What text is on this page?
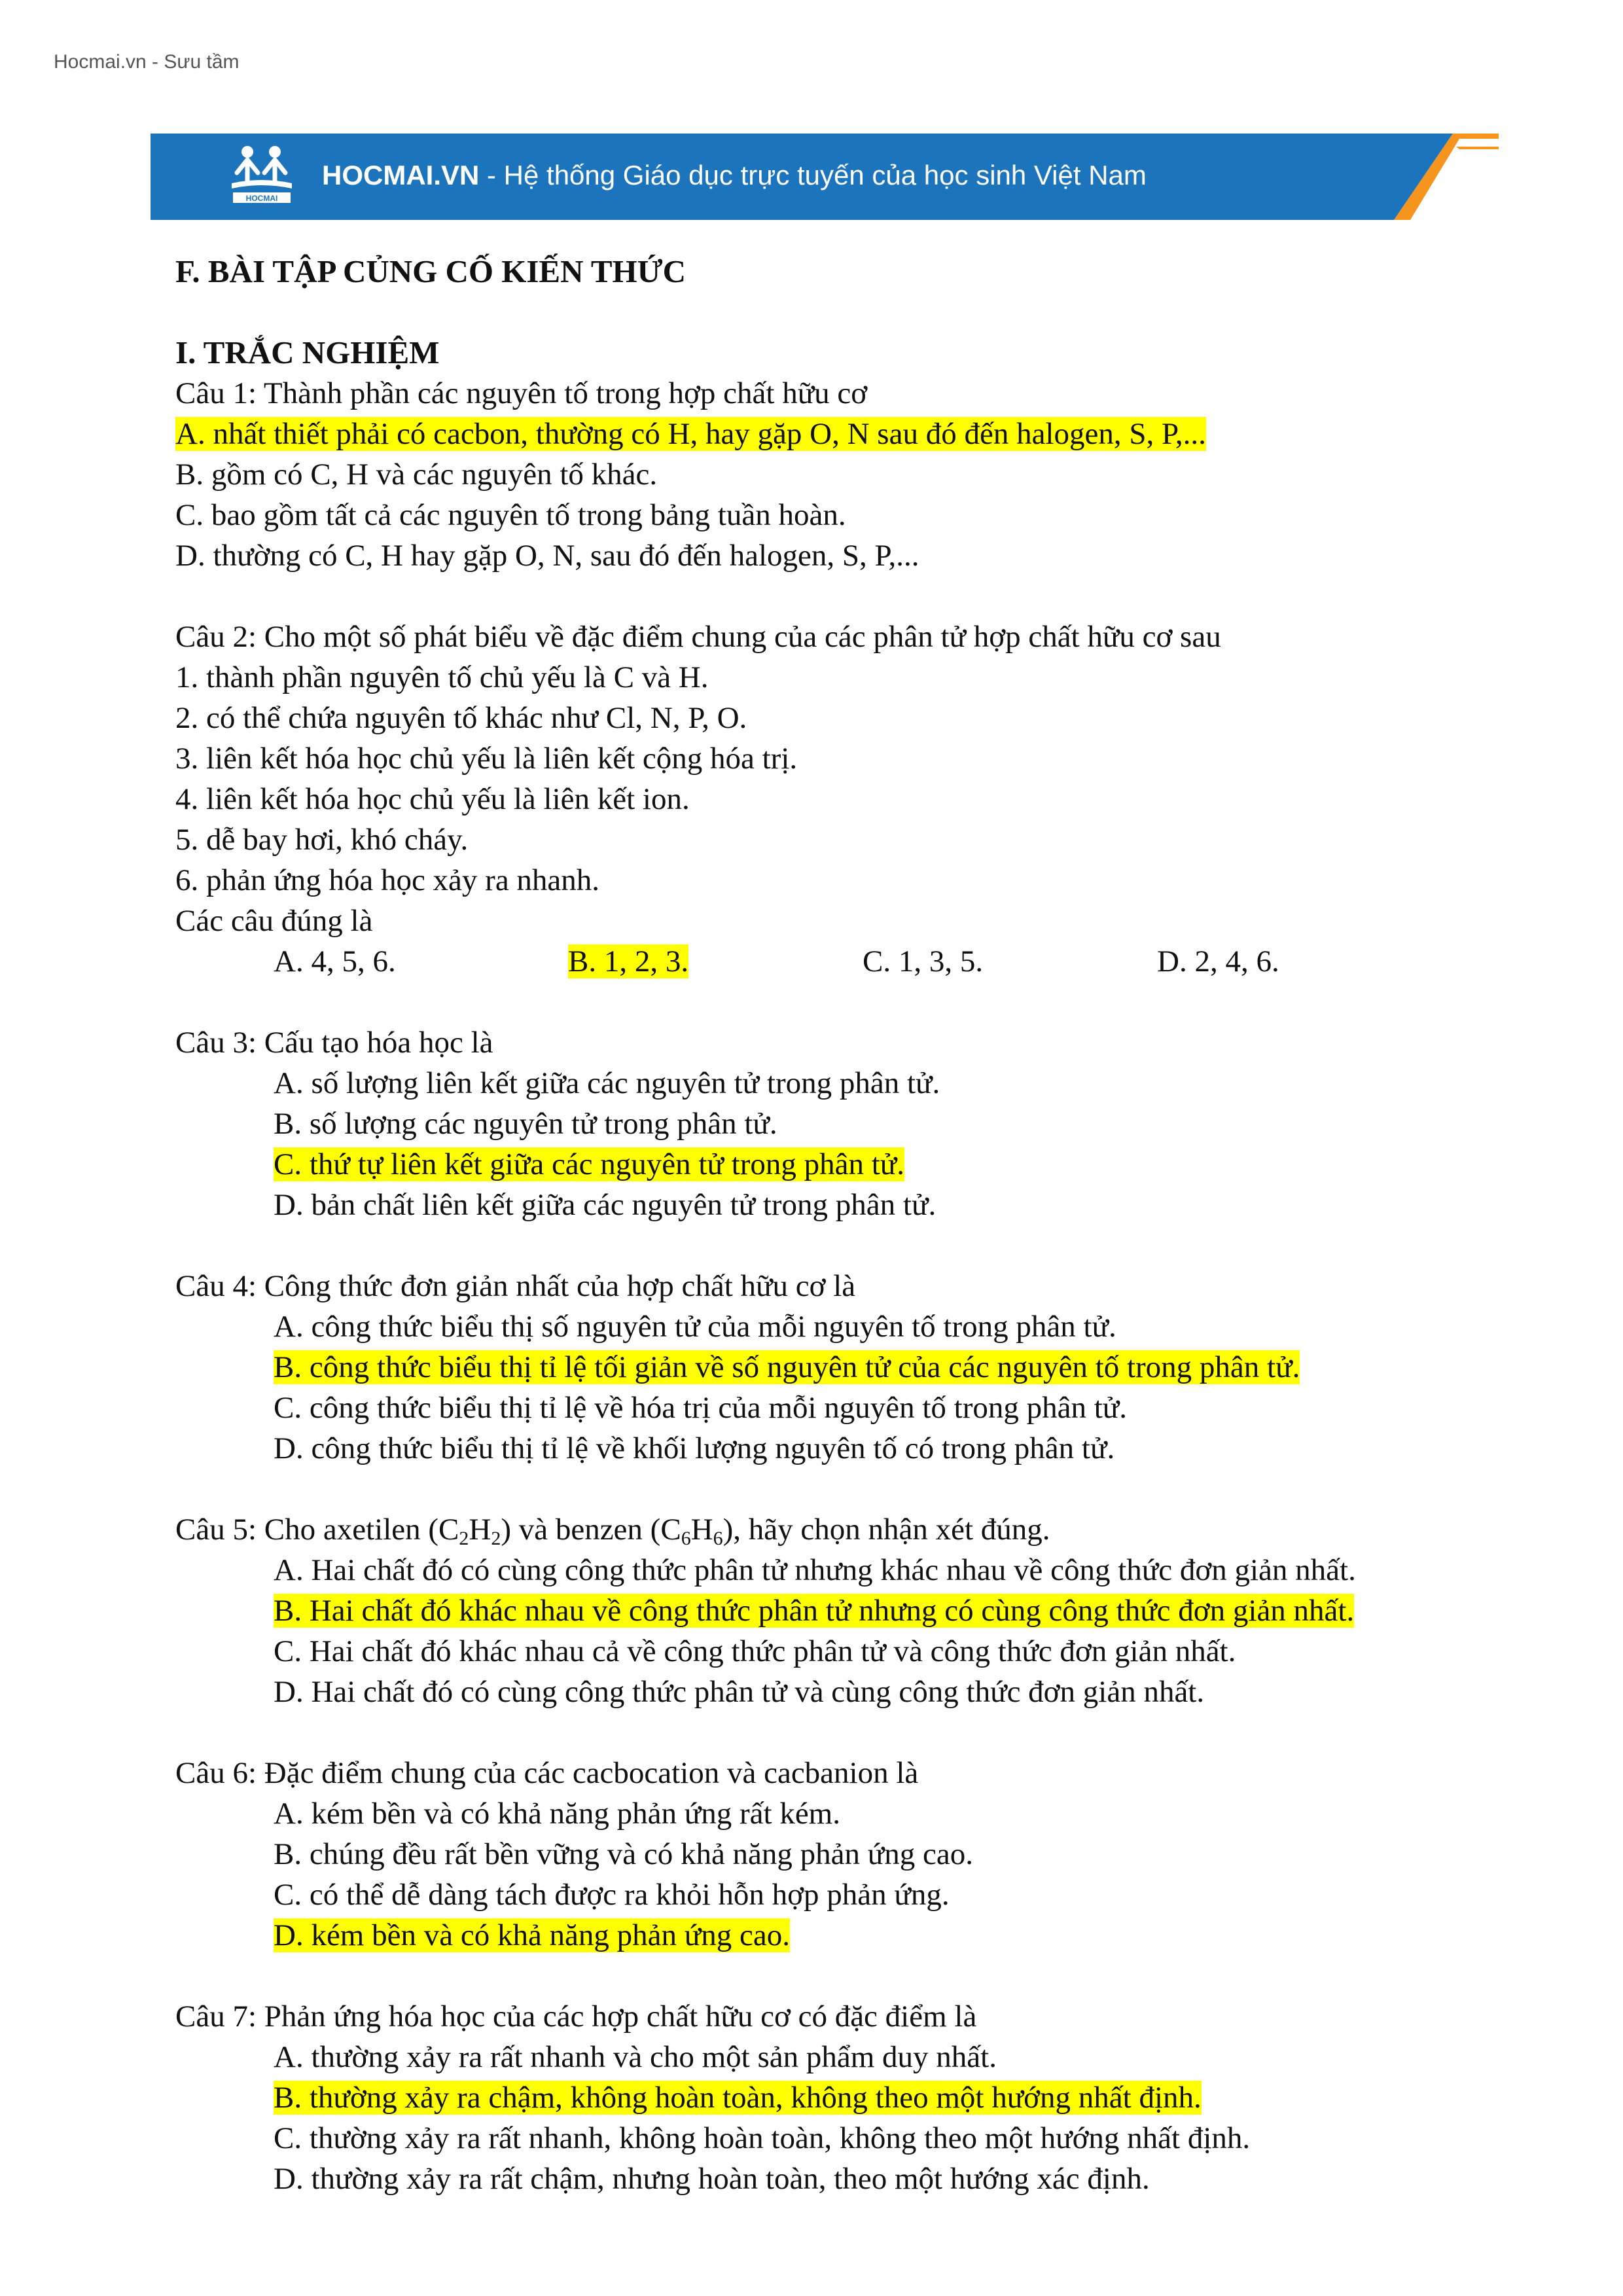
Hocmai.vn - Sưu tầm
HOCMAI
HOCMAI.VN - Hệ thống Giáo dục trực tuyến của học sinh Việt Nam
F. BÀI TẬP CỦNG CỐ KIẾN THỨC
I. TRẮC NGHIỆM
Câu 1: Thành phần các nguyên tố trong hợp chất hữu cơ
A. nhất thiết phải có cacbon, thường có H, hay gặp O, N sau đó đến halogen, S, P,...
B. gồm có C, H và các nguyên tố khác.
C. bao gồm tất cả các nguyên tố trong bảng tuần hoàn.
D. thường có C, H hay gặp O, N, sau đó đến halogen, S, P,...
Câu 2: Cho một số phát biểu về đặc điểm chung của các phân tử hợp chất hữu cơ sau
1. thành phần nguyên tố chủ yếu là C và H.
2. có thể chứa nguyên tố khác như Cl, N, P, O.
3. liên kết hóa học chủ yếu là liên kết cộng hóa trị.
4. liên kết hóa học chủ yếu là liên kết ion.
5. dễ bay hơi, khó cháy.
6. phản ứng hóa học xảy ra nhanh.
Các câu đúng là
A. 4, 5, 6.	B. 1, 2, 3.	C. 1, 3, 5.	D. 2, 4, 6.
Câu 3: Cấu tạo hóa học là
A. số lượng liên kết giữa các nguyên tử trong phân tử.
B. số lượng các nguyên tử trong phân tử.
C. thứ tự liên kết giữa các nguyên tử trong phân tử.
D. bản chất liên kết giữa các nguyên tử trong phân tử.
Câu 4: Công thức đơn giản nhất của hợp chất hữu cơ là
A. công thức biểu thị số nguyên tử của mỗi nguyên tố trong phân tử.
B. công thức biểu thị tỉ lệ tối giản về số nguyên tử của các nguyên tố trong phân tử.
C. công thức biểu thị tỉ lệ về hóa trị của mỗi nguyên tố trong phân tử.
D. công thức biểu thị tỉ lệ về khối lượng nguyên tố có trong phân tử.
Câu 5: Cho axetilen $(C_2H_2)$ và benzen $(C_6H_6)$, hãy chọn nhận xét đúng.
A. Hai chất đó có cùng công thức phân tử nhưng khác nhau về công thức đơn giản nhất.
B. Hai chất đó khác nhau về công thức phân tử nhưng có cùng công thức đơn giản nhất.
C. Hai chất đó khác nhau cả về công thức phân tử và công thức đơn giản nhất.
D. Hai chất đó có cùng công thức phân tử và cùng công thức đơn giản nhất.
Câu 6: Đặc điểm chung của các cacbocation và cacbanion là
A. kém bền và có khả năng phản ứng rất kém.
B. chúng đều rất bền vững và có khả năng phản ứng cao.
C. có thể dễ dàng tách được ra khỏi hỗn hợp phản ứng.
D. kém bền và có khả năng phản ứng cao.
Câu 7: Phản ứng hóa học của các hợp chất hữu cơ có đặc điểm là
A. thường xảy ra rất nhanh và cho một sản phẩm duy nhất.
B. thường xảy ra chậm, không hoàn toàn, không theo một hướng nhất định.
C. thường xảy ra rất nhanh, không hoàn toàn, không theo một hướng nhất định.
D. thường xảy ra rất chậm, nhưng hoàn toàn, theo một hướng xác định.
